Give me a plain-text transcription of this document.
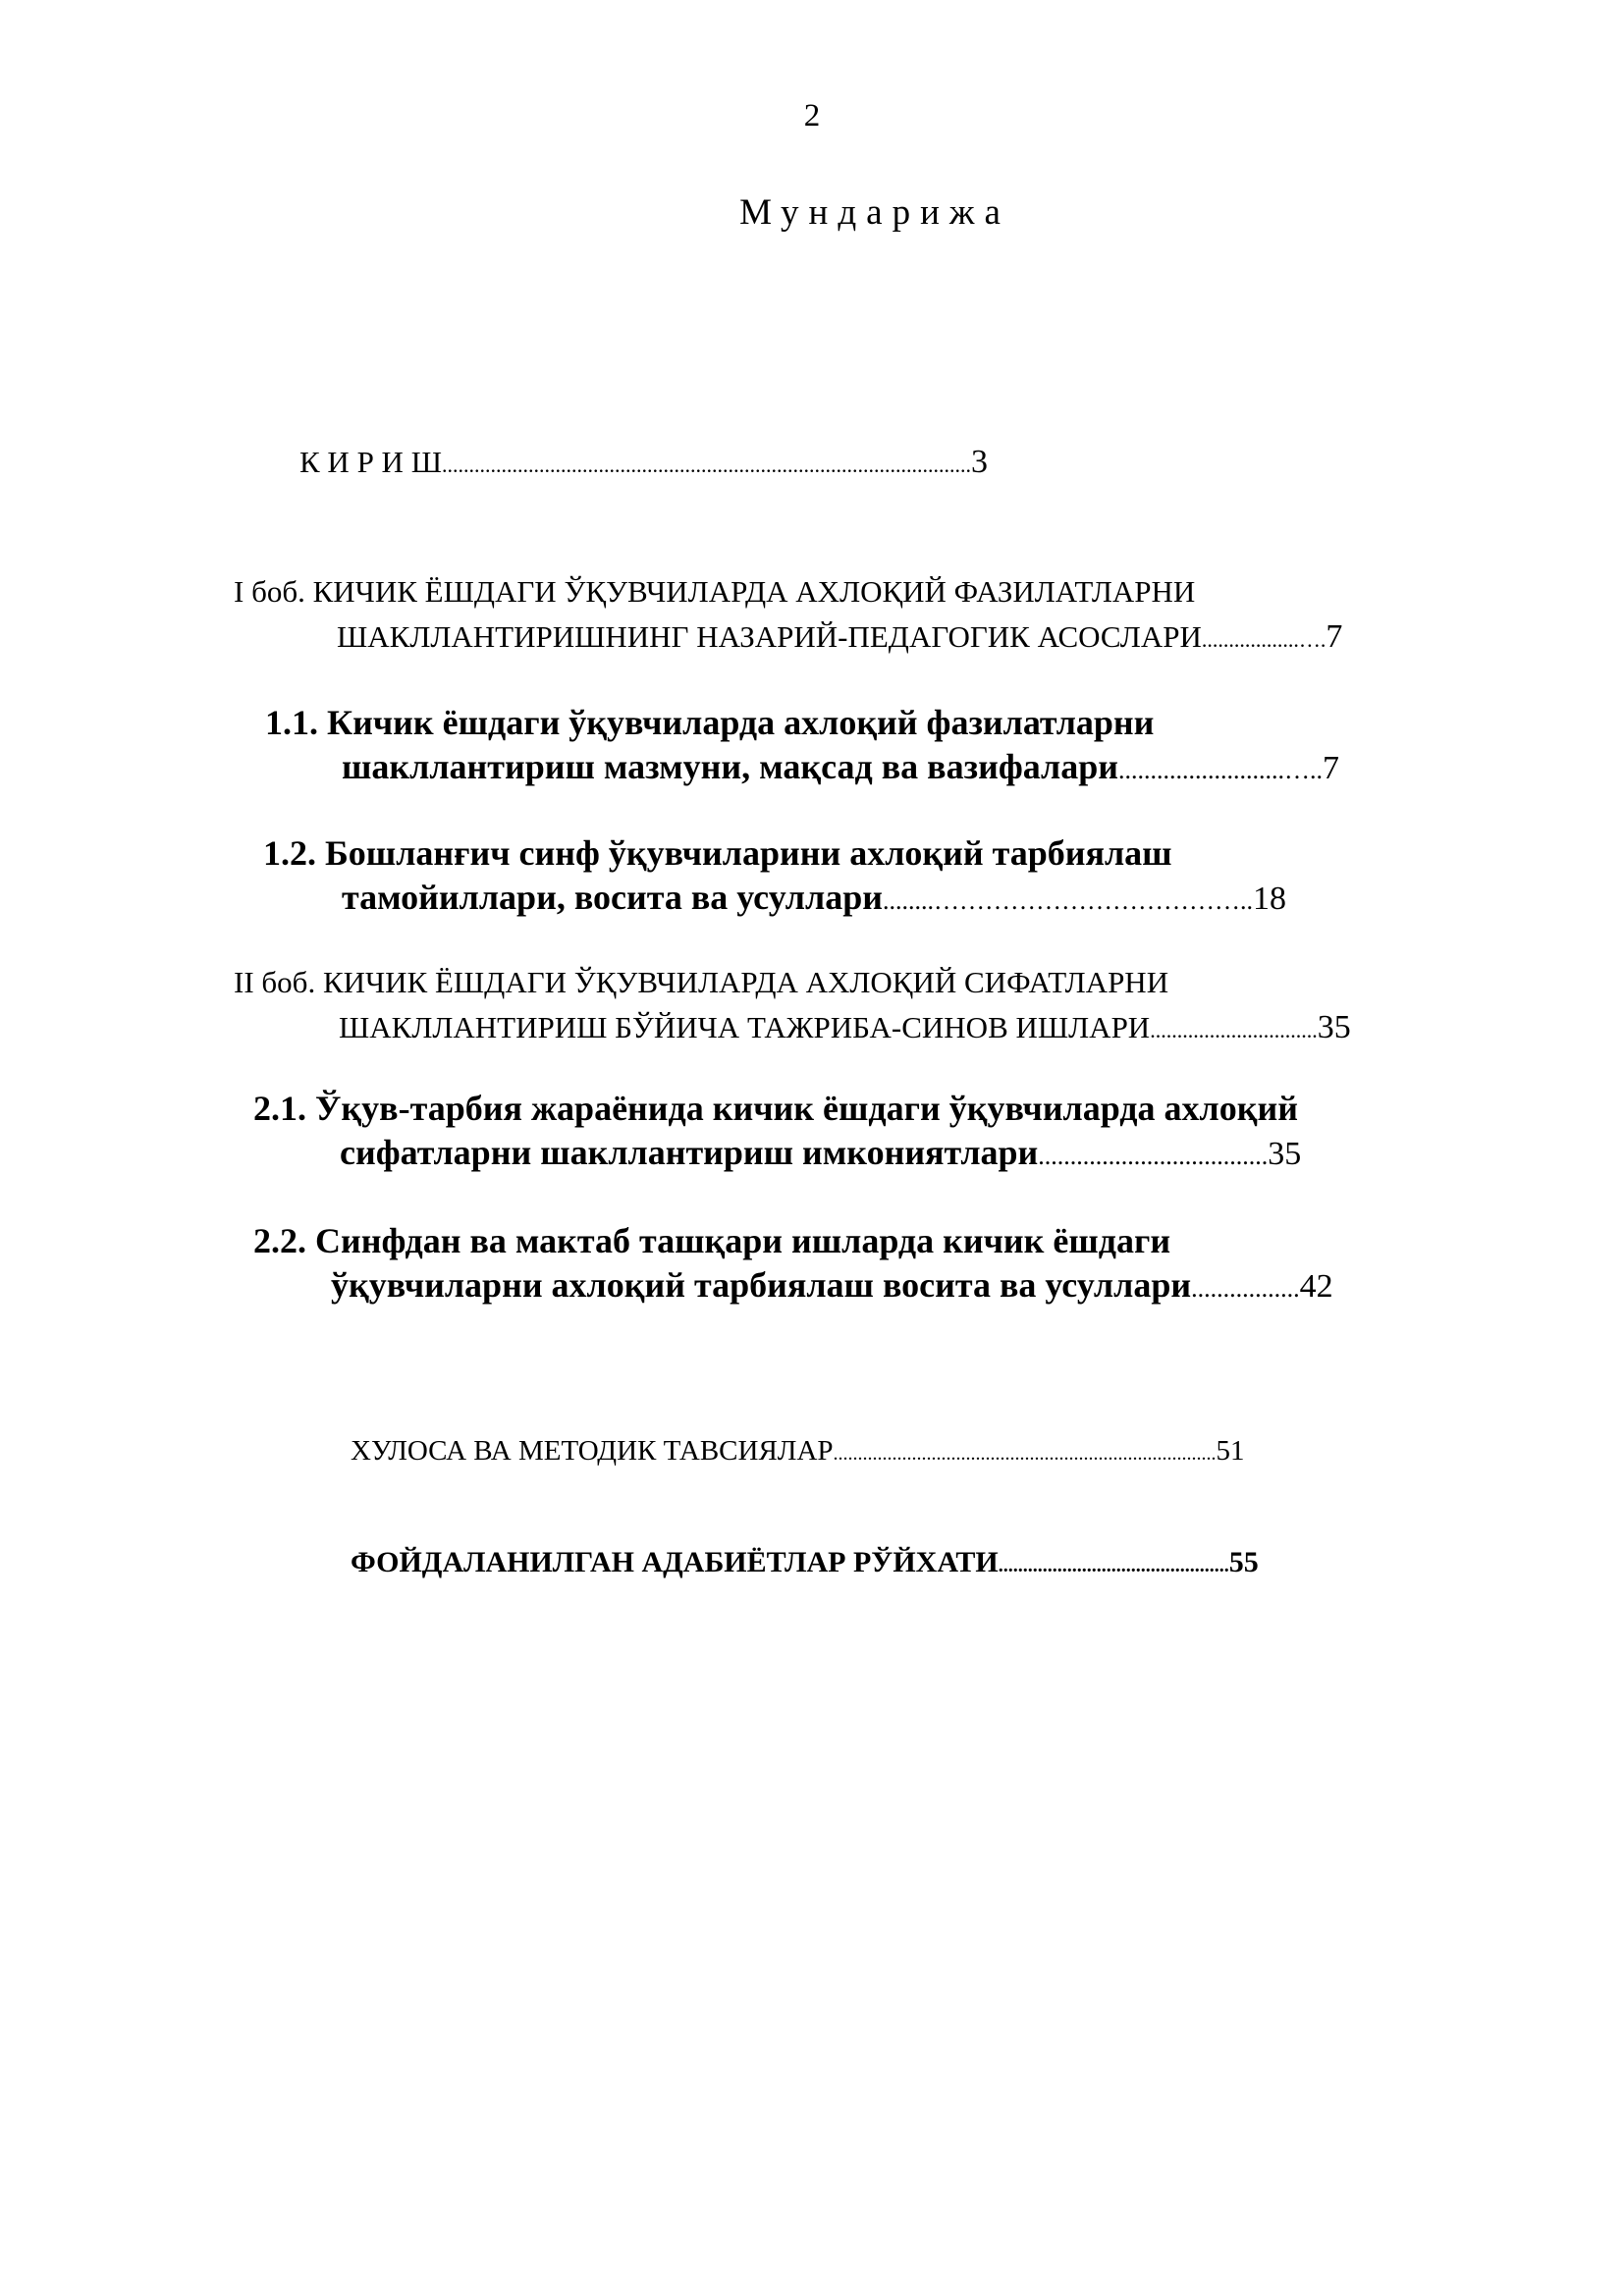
2
Мундарижа
К И Р И Ш..................................................................................................3
I боб. КИЧИК ЁШДАГИ ЎҚУВЧИЛАРДА АХЛОҚИЙ ФАЗИЛАТЛАРНИ
ШАКЛЛАНТИРИШНИНГ НАЗАРИЙ-ПЕДАГОГИК АСОСЛАРИ..................….7
1.1. Кичик ёшдаги ўқувчиларда ахлоқий фазилатларни
шакллантириш мазмуни, мақсад ва вазифалари..........................…..7
1.2. Бошланғич синф ўқувчиларини ахлоқий тарбиялаш
тамойиллари, восита ва усуллари........………………………………..18
II боб. КИЧИК ЁШДАГИ ЎҚУВЧИЛАРДА АХЛОҚИЙ СИФАТЛАРНИ
ШАКЛЛАНТИРИШ БЎЙИЧА ТАЖРИБА-СИНОВ ИШЛАРИ...............................35
2.1. Ўқув-тарбия жараёнида кичик ёшдаги ўқувчиларда ахлоқий
сифатларни шакллантириш имкониятлари....................................35
2.2. Синфдан ва мактаб ташқари ишларда кичик ёшдаги
ўқувчиларни ахлоқий тарбиялаш восита ва усуллари.................42
ХУЛОСА ВА МЕТОДИК ТАВСИЯЛАР..............................................................................51
ФОЙДАЛАНИЛГАН АДАБИЁТЛАР РЎЙХАТИ...............................................55
